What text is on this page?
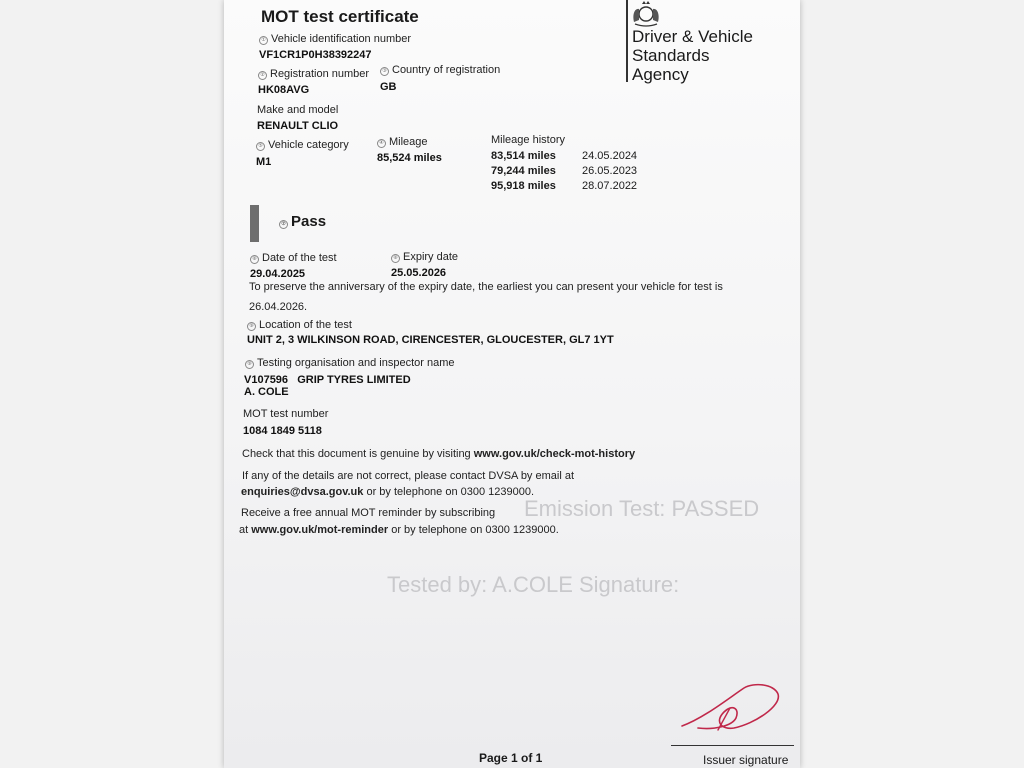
Emission Test: PASSED
Tested by: A.COLE Signature:
MOT test certificate
Driver & Vehicle
Standards
Agency
① Vehicle identification number
VF1CR1P0H38392247
② Registration number
HK08AVG
③ Country of registration
GB
Make and model
RENAULT CLIO
⑤ Vehicle category
M1
④ Mileage
85,524 miles
Mileage history
83,514 miles 24.05.2024
79,244 miles 26.05.2023
95,918 miles 28.07.2022
⑦ Pass
⑧ Date of the test
29.04.2025
⑧ Expiry date
25.05.2026
To preserve the anniversary of the expiry date, the earliest you can present your vehicle for test is
26.04.2026.
⑨ Location of the test
UNIT 2, 3 WILKINSON ROAD, CIRENCESTER, GLOUCESTER, GL7 1YT
⑨ Testing organisation and inspector name
V107596   GRIP TYRES LIMITED
A. COLE
MOT test number
1084 1849 5118
Check that this document is genuine by visiting www.gov.uk/check-mot-history
If any of the details are not correct, please contact DVSA by email at
enquiries@dvsa.gov.uk or by telephone on 0300 1239000.
Receive a free annual MOT reminder by subscribing
at www.gov.uk/mot-reminder or by telephone on 0300 1239000.
Issuer signature
Page 1 of 1
